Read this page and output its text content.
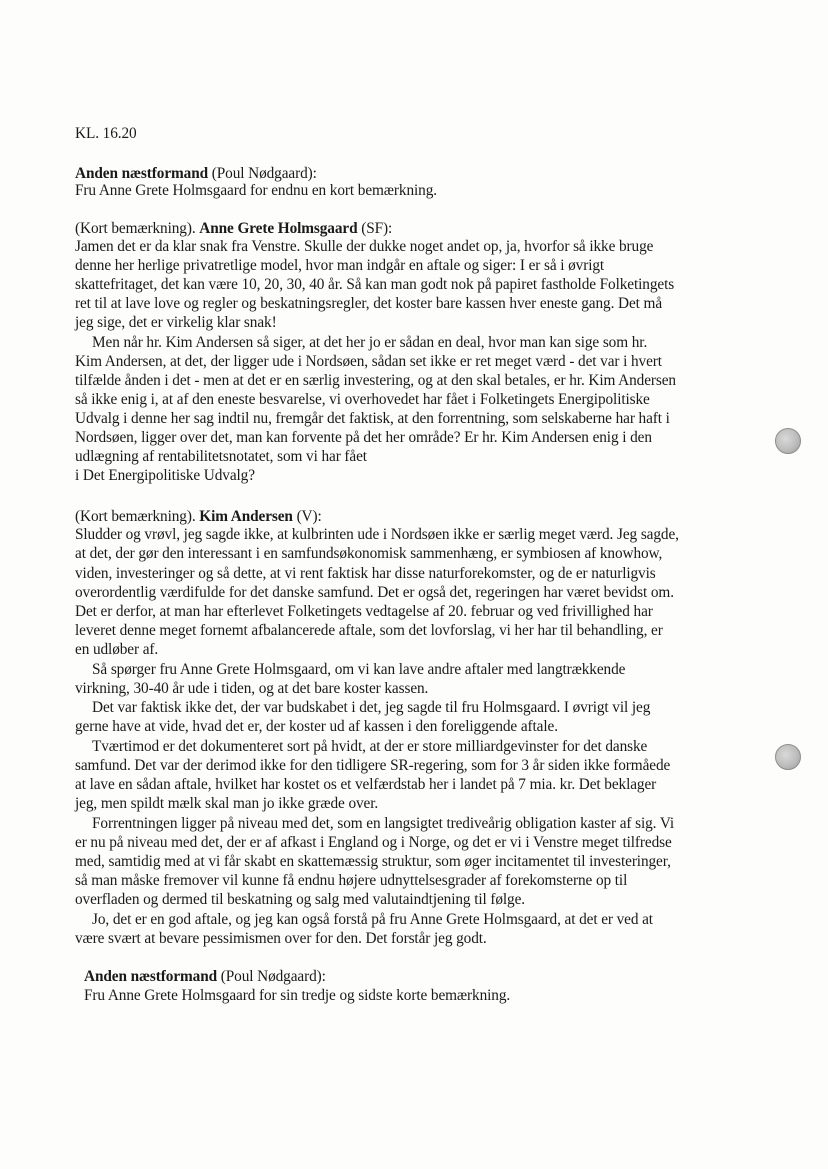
KL. 16.20
Anden næstformand (Poul Nødgaard):
Fru Anne Grete Holmsgaard for endnu en kort bemærkning.
(Kort bemærkning). Anne Grete Holmsgaard (SF):
Jamen det er da klar snak fra Venstre. Skulle der dukke noget andet op, ja, hvorfor så ikke bruge
denne her herlige privatretlige model, hvor man indgår en aftale og siger: I er så i øvrigt
skattefritaget, det kan være 10, 20, 30, 40 år. Så kan man godt nok på papiret fastholde Folketingets
ret til at lave love og regler og beskatningsregler, det koster bare kassen hver eneste gang. Det må
jeg sige, det er virkelig klar snak!
Men når hr. Kim Andersen så siger, at det her jo er sådan en deal, hvor man kan sige som hr.
Kim Andersen, at det, der ligger ude i Nordsøen, sådan set ikke er ret meget værd - det var i hvert
tilfælde ånden i det - men at det er en særlig investering, og at den skal betales, er hr. Kim Andersen
så ikke enig i, at af den eneste besvarelse, vi overhovedet har fået i Folketingets Energipolitiske
Udvalg i denne her sag indtil nu, fremgår det faktisk, at den forrentning, som selskaberne har haft i
Nordsøen, ligger over det, man kan forvente på det her område? Er hr. Kim Andersen enig i den
udlægning af rentabilitetsnotatet, som vi har fået
i Det Energipolitiske Udvalg?
(Kort bemærkning). Kim Andersen (V):
Sludder og vrøvl, jeg sagde ikke, at kulbrinten ude i Nordsøen ikke er særlig meget værd. Jeg sagde,
at det, der gør den interessant i en samfundsøkonomisk sammenhæng, er symbiosen af knowhow,
viden, investeringer og så dette, at vi rent faktisk har disse naturforekomster, og de er naturligvis
overordentlig værdifulde for det danske samfund. Det er også det, regeringen har været bevidst om.
Det er derfor, at man har efterlevet Folketingets vedtagelse af 20. februar og ved frivillighed har
leveret denne meget fornemt afbalancerede aftale, som det lovforslag, vi her har til behandling, er
en udløber af.
Så spørger fru Anne Grete Holmsgaard, om vi kan lave andre aftaler med langtrækkende
virkning, 30-40 år ude i tiden, og at det bare koster kassen.
Det var faktisk ikke det, der var budskabet i det, jeg sagde til fru Holmsgaard. I øvrigt vil jeg
gerne have at vide, hvad det er, der koster ud af kassen i den foreliggende aftale.
Tværtimod er det dokumenteret sort på hvidt, at der er store milliardgevinster for det danske
samfund. Det var der derimod ikke for den tidligere SR-regering, som for 3 år siden ikke formåede
at lave en sådan aftale, hvilket har kostet os et velfærdstab her i landet på 7 mia. kr. Det beklager
jeg, men spildt mælk skal man jo ikke græde over.
Forrentningen ligger på niveau med det, som en langsigtet trediveårig obligation kaster af sig. Vi
er nu på niveau med det, der er af afkast i England og i Norge, og det er vi i Venstre meget tilfredse
med, samtidig med at vi får skabt en skattemæssig struktur, som øger incitamentet til investeringer,
så man måske fremover vil kunne få endnu højere udnyttelsesgrader af forekomsterne op til
overfladen og dermed til beskatning og salg med valutaindtjening til følge.
Jo, det er en god aftale, og jeg kan også forstå på fru Anne Grete Holmsgaard, at det er ved at
være svært at bevare pessimismen over for den. Det forstår jeg godt.
Anden næstformand (Poul Nødgaard):
Fru Anne Grete Holmsgaard for sin tredje og sidste korte bemærkning.
